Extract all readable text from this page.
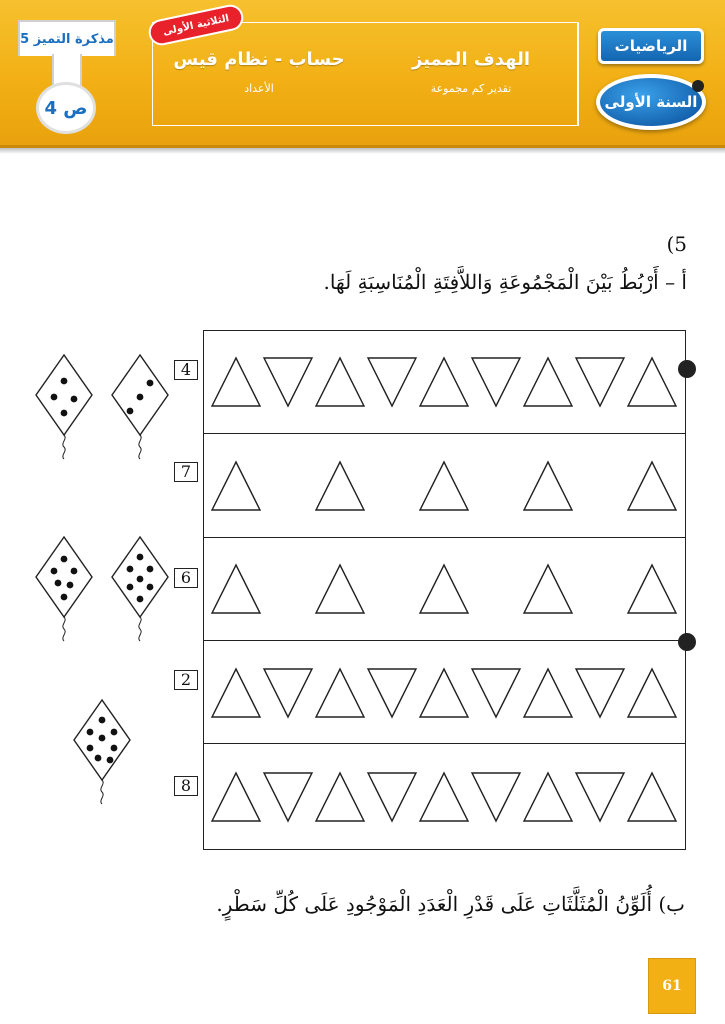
الرياضيات
السنة الأولى
حساب - نظام قيس
الأعداد
الهدف المميز
تقدير كم مجموعة
الثلاثية الأولى
مذكرة التميز 5
ص 4
5)
أ – أَرْبُطُ بَيْنَ الْمَجْمُوعَةِ وَاللاَّفِتَةِ الْمُنَاسِبَةِ لَهَا.
4
7
6
2
8
ب) أُلَوِّنُ الْمُثَلَّثَاتِ عَلَى قَدْرِ الْعَدَدِ الْمَوْجُودِ عَلَى كُلِّ سَطْرٍ.
61
